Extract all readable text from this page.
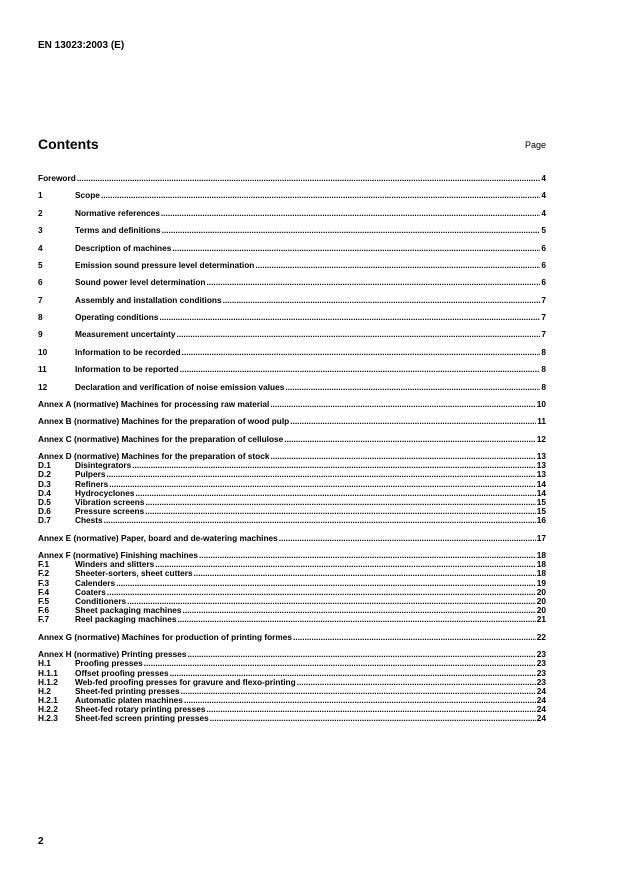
EN 13023:2003 (E)
Contents	Page
Foreword .....	4
1	Scope .....	4
2	Normative references .....	4
3	Terms and definitions .....	5
4	Description of machines .....	6
5	Emission sound pressure level determination .....	6
6	Sound power level determination .....	6
7	Assembly and installation conditions .....	7
8	Operating conditions .....	7
9	Measurement uncertainty .....	7
10	Information to be recorded .....	8
11	Information to be reported .....	8
12	Declaration and verification of noise emission values .....	8
Annex A (normative) Machines for processing raw material .....	10
Annex B (normative) Machines for the preparation of wood pulp .....	11
Annex C (normative) Machines for the preparation of cellulose .....	12
Annex D (normative) Machines for the preparation of stock .....	13
D.1	Disintegrators .....	13
D.2	Pulpers .....	13
D.3	Refiners .....	14
D.4	Hydrocyclones .....	14
D.5	Vibration screens .....	15
D.6	Pressure screens .....	15
D.7	Chests .....	16
Annex E (normative) Paper, board and de-watering machines .....	17
Annex F (normative) Finishing machines .....	18
F.1	Winders and slitters .....	18
F.2	Sheeter-sorters, sheet cutters .....	18
F.3	Calenders .....	19
F.4	Coaters .....	20
F.5	Conditioners .....	20
F.6	Sheet packaging machines .....	20
F.7	Reel packaging machines .....	21
Annex G (normative) Machines for production of printing formes .....	22
Annex H (normative) Printing presses .....	23
H.1	Proofing presses .....	23
H.1.1	Offset proofing presses .....	23
H.1.2	Web-fed proofing presses for gravure and flexo-printing .....	23
H.2	Sheet-fed printing presses .....	24
H.2.1	Automatic platen machines .....	24
H.2.2	Sheet-fed rotary printing presses .....	24
H.2.3	Sheet-fed screen printing presses .....	24
2
